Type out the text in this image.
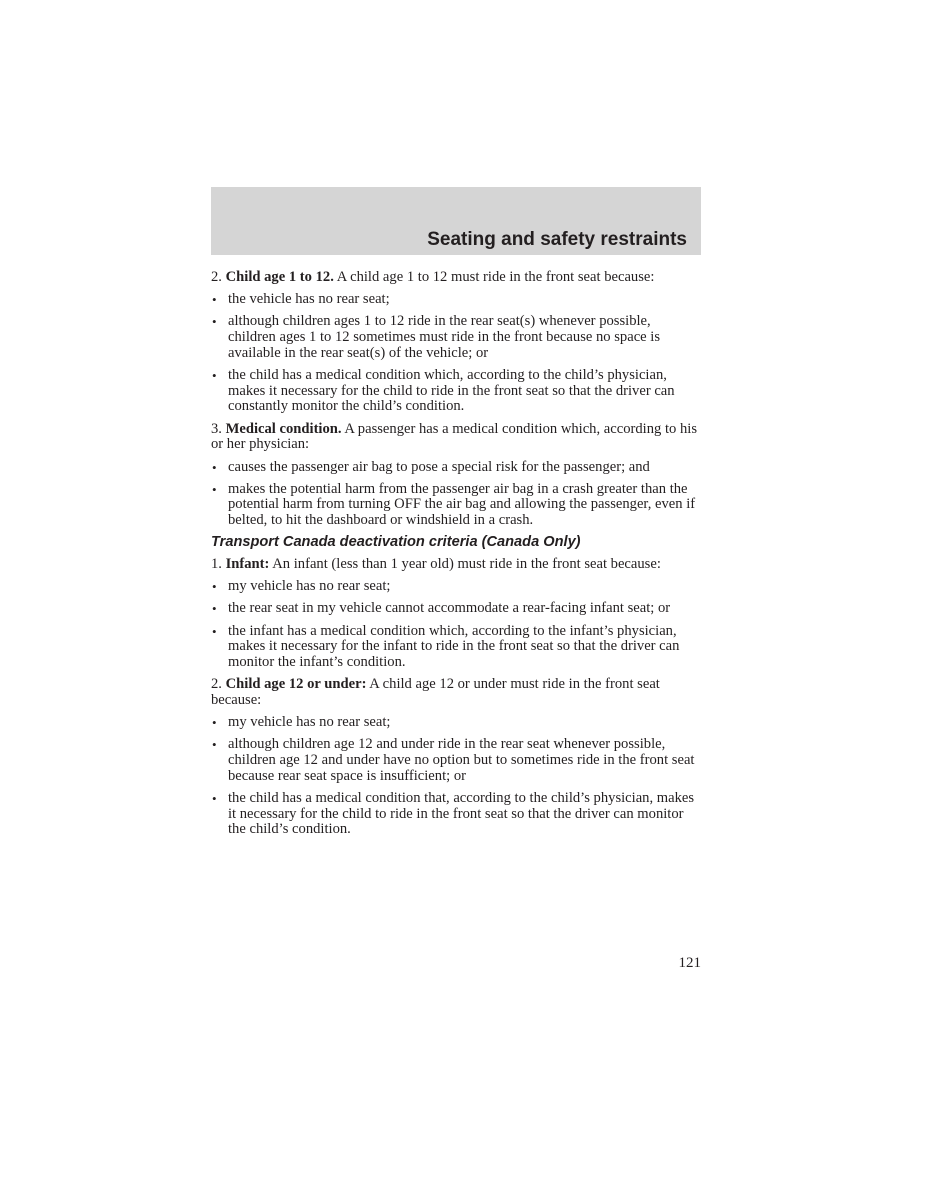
Seating and safety restraints

2. Child age 1 to 12. A child age 1 to 12 must ride in the front seat because:

• the vehicle has no rear seat;
• although children ages 1 to 12 ride in the rear seat(s) whenever possible, children ages 1 to 12 sometimes must ride in the front because no space is available in the rear seat(s) of the vehicle; or
• the child has a medical condition which, according to the child’s physician, makes it necessary for the child to ride in the front seat so that the driver can constantly monitor the child’s condition.

3. Medical condition. A passenger has a medical condition which, according to his or her physician:

• causes the passenger air bag to pose a special risk for the passenger; and
• makes the potential harm from the passenger air bag in a crash greater than the potential harm from turning OFF the air bag and allowing the passenger, even if belted, to hit the dashboard or windshield in a crash.
Transport Canada deactivation criteria (Canada Only)

1. Infant: An infant (less than 1 year old) must ride in the front seat because:

• my vehicle has no rear seat;
• the rear seat in my vehicle cannot accommodate a rear-facing infant seat; or
• the infant has a medical condition which, according to the infant’s physician, makes it necessary for the infant to ride in the front seat so that the driver can monitor the infant’s condition.

2. Child age 12 or under: A child age 12 or under must ride in the front seat because:

• my vehicle has no rear seat;
• although children age 12 and under ride in the rear seat whenever possible, children age 12 and under have no option but to sometimes ride in the front seat because rear seat space is insufficient; or
• the child has a medical condition that, according to the child’s physician, makes it necessary for the child to ride in the front seat so that the driver can monitor the child’s condition.
121
